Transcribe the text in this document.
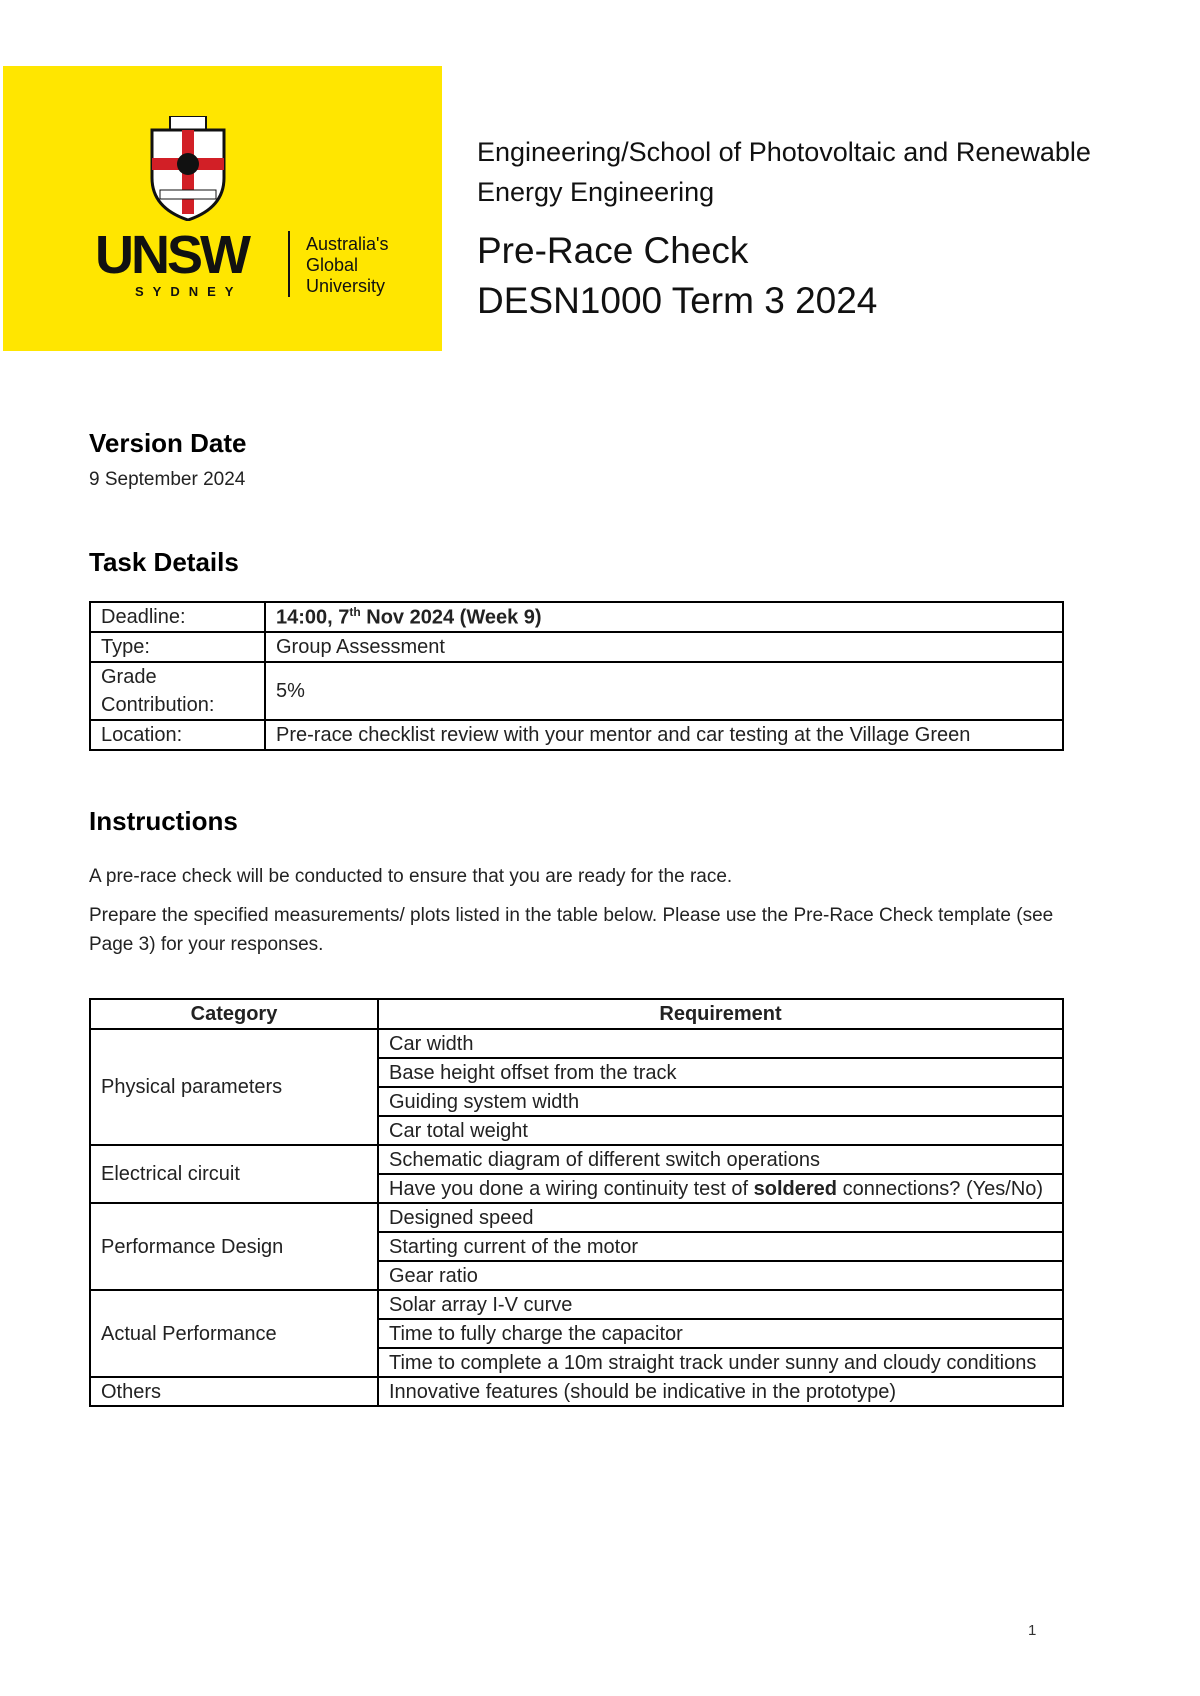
UNSW
SYDNEY
Australia's Global University
Engineering/School of Photovoltaic and Renewable Energy Engineering
Pre-Race Check
DESN1000 Term 3 2024
Version Date
9 September 2024
Task Details
Deadline:	14:00, 7th Nov 2024 (Week 9)
Type:	Group Assessment
Grade Contribution:	5%
Location:	Pre-race checklist review with your mentor and car testing at the Village Green
Instructions
A pre-race check will be conducted to ensure that you are ready for the race.
Prepare the specified measurements/ plots listed in the table below. Please use the Pre-Race Check template (see Page 3) for your responses.
Category	Requirement
Physical parameters	Car width
	Base height offset from the track
	Guiding system width
	Car total weight
Electrical circuit	Schematic diagram of different switch operations
	Have you done a wiring continuity test of soldered connections? (Yes/No)
Performance Design	Designed speed
	Starting current of the motor
	Gear ratio
Actual Performance	Solar array I-V curve
	Time to fully charge the capacitor
	Time to complete a 10m straight track under sunny and cloudy conditions
Others	Innovative features (should be indicative in the prototype)
1
